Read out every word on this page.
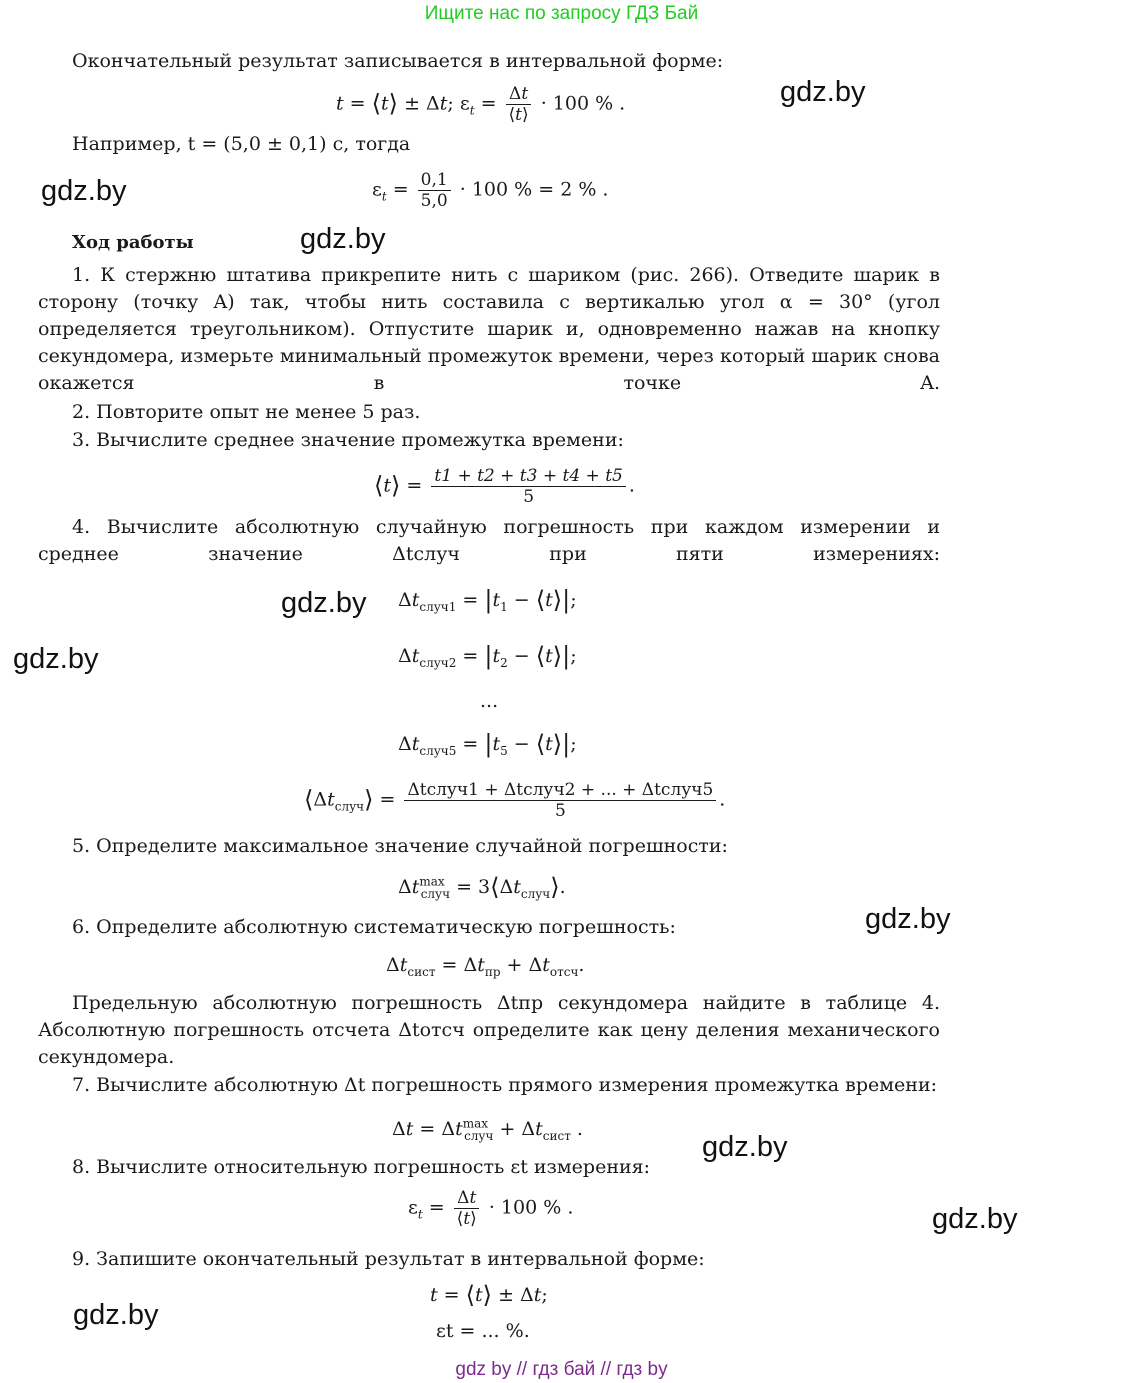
Ищите нас по запросу ГДЗ Бай
Окончательный результат записывается в интервальной форме:
t = ⟨t⟩ ± Δt; $\varepsilon_t = \frac{\Delta t}{⟨t⟩} \cdot 100$ % .
Например, t = (5,0 ± 0,1) с, тогда
$\varepsilon_t = \frac{0,1}{5,0} \cdot 100$ % = 2 % .
Ход работы
1. К стержню штатива прикрепите нить с шариком (рис. 266). Отведите шарик в сторону (точку A) так, чтобы нить составила с вертикалью угол α = 30° (угол определяется треугольником). Отпустите шарик и, одновременно нажав на кнопку секундомера, измерьте минимальный промежуток времени, через который шарик снова окажется в точке A.
2. Повторите опыт не менее 5 раз.
3. Вычислите среднее значение промежутка времени:
⟨t⟩ = $\frac{t1 + t2 + t3 + t4 + t5}{5}$ .
4. Вычислите абсолютную случайную погрешность при каждом измерении и среднее значение Δtслуч при пяти измерениях:
$\Delta t_{случ1} = |t_1$ − ⟨t⟩|;
$\Delta t_{случ2} = |t_2$ − ⟨t⟩|;
...
$\Delta t_{случ5} = |t_5$ − ⟨t⟩|;
$⟨\Delta t_{случ}⟩ = \frac{\text{Δtслуч1 + Δtслуч2 + ... + Δtслуч5}}{5}$ .
5. Определите максимальное значение случайной погрешности:
$\Delta t^{max}_{случ}$ = $3⟨\Delta t_{случ}⟩$.
6. Определите абсолютную систематическую погрешность:
$\Delta t_{сист} = \Delta t_{пр} + \Delta t_{отсч}$.
Предельную абсолютную погрешность Δtпр секундомера найдите в таблице 4. Абсолютную погрешность отсчета Δtотсч определите как цену деления механического секундомера.
7. Вычислите абсолютную Δt погрешность прямого измерения промежутка времени:
$\Delta t = \Delta t^{max}_{случ} + \Delta t_{сист}$ .
8. Вычислите относительную погрешность εt измерения:
$\varepsilon_t = \frac{\Delta t}{⟨t⟩} \cdot 100$ % .
9. Запишите окончательный результат в интервальной форме:
t = ⟨t⟩ ± Δt;
εt = ... %.
gdz.by
gdz.by
gdz.by
gdz.by
gdz.by
gdz.by
gdz.by
gdz.by
gdz.by
gdz by // гдз бай // гдз by
